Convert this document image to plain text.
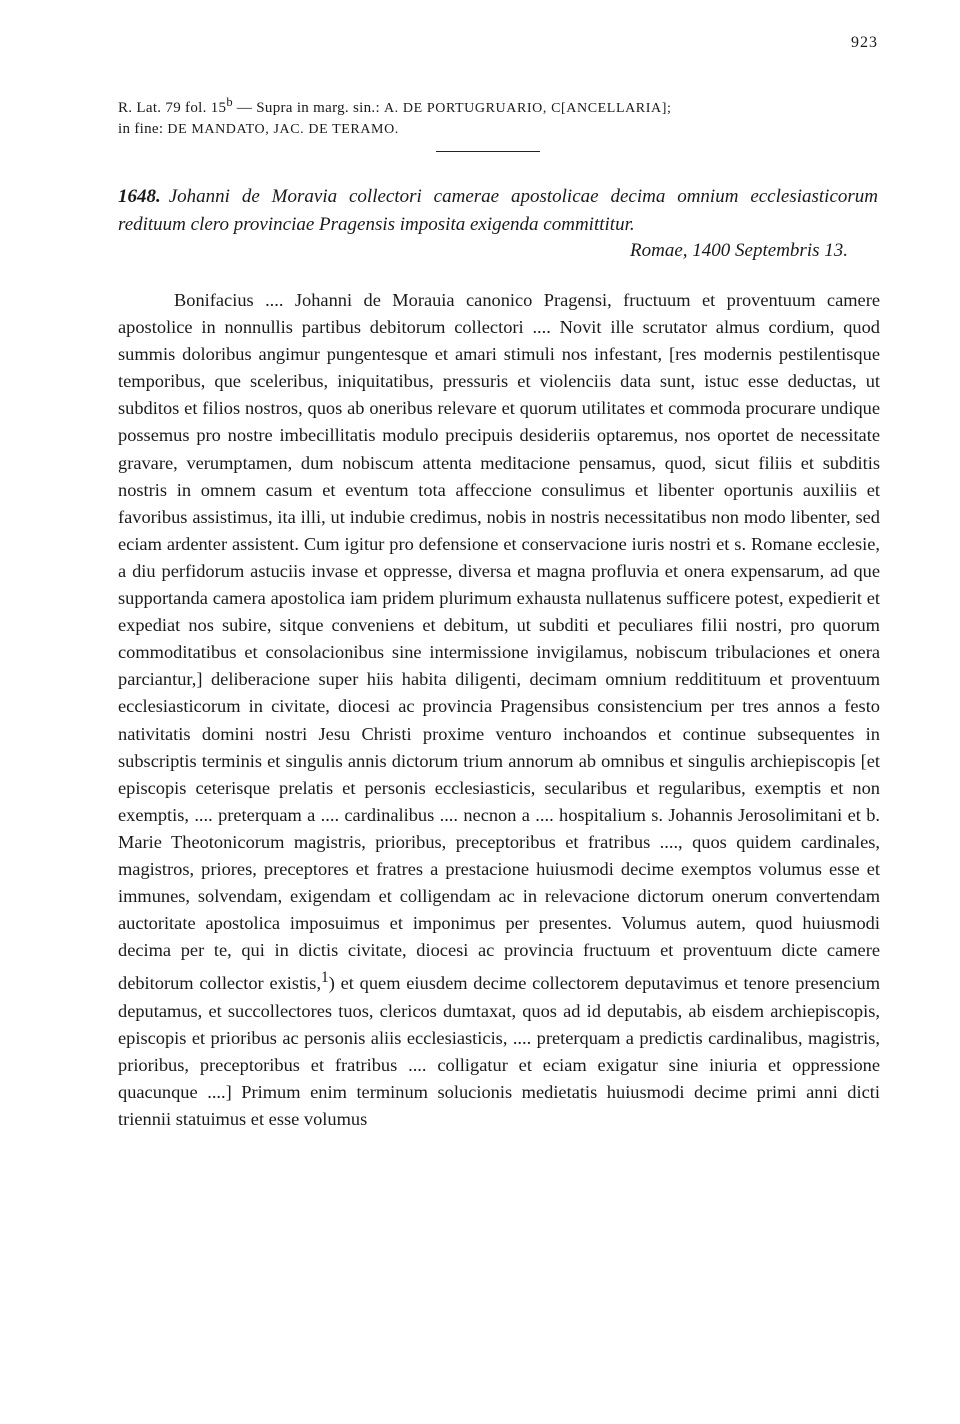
923
R. Lat. 79 fol. 15$^b$ — Supra in marg. sin.: A. DE PORTUGRUARIO, C[ANCELLARIA];
in fine: DE MANDATO, JAC. DE TERAMO.
1648. Johanni de Moravia collectori camerae apostolicae decima omnium ecclesiasticorum redituum clero provinciae Pragensis imposita exigenda committitur.
Romae, 1400 Septembris 13.

Bonifacius .... Johanni de Morauia canonico Pragensi, fructuum et proventuum camere apostolice in nonnullis partibus debitorum collectori .... Novit ille scrutator almus cordium, quod summis doloribus angimur pungentesque et amari stimuli nos infestant, [res modernis pestilentisque temporibus, que sceleribus, iniquitatibus, pressuris et violenciis data sunt, istuc esse deductas, ut subditos et filios nostros, quos ab oneribus relevare et quorum utilitates et commoda procurare undique possemus pro nostre imbecillitatis modulo precipuis desideriis optaremus, nos oportet de necessitate gravare, verumptamen, dum nobiscum attenta meditacione pensamus, quod, sicut filiis et subditis nostris in omnem casum et eventum tota affeccione consulimus et libenter oportunis auxiliis et favoribus assistimus, ita illi, ut indubie credimus, nobis in nostris necessitatibus non modo libenter, sed eciam ardenter assistent. Cum igitur pro defensione et conservacione iuris nostri et s. Romane ecclesie, a diu perfidorum astuciis invase et oppresse, diversa et magna profluvia et onera expensarum, ad que supportanda camera apostolica iam pridem plurimum exhausta nullatenus sufficere potest, expedierit et expediat nos subire, sitque conveniens et debitum, ut subditi et peculiares filii nostri, pro quorum commoditatibus et consolacionibus sine intermissione invigilamus, nobiscum tribulaciones et onera parciantur,] deliberacione super hiis habita diligenti, decimam omnium redditituum et proventuum ecclesiasticorum in civitate, diocesi ac provincia Pragensibus consistencium per tres annos a festo nativitatis domini nostri Jesu Christi proxime venturo inchoandos et continue subsequentes in subscriptis terminis et singulis annis dictorum trium annorum ab omnibus et singulis archiepiscopis [et episcopis ceterisque prelatis et personis ecclesiasticis, secularibus et regularibus, exemptis et non exemptis, .... preterquam a .... cardinalibus .... necnon a .... hospitalium s. Johannis Jerosolimitani et b. Marie Theotonicorum magistris, prioribus, preceptoribus et fratribus ...., quos quidem cardinales, magistros, priores, preceptores et fratres a prestacione huiusmodi decime exemptos volumus esse et immunes, solvendam, exigendam et colligendam ac in relevacione dictorum onerum convertendam auctoritate apostolica imposuimus et imponimus per presentes. Volumus autem, quod huiusmodi decima per te, qui in dictis civitate, diocesi ac provincia fructuum et proventuum dicte camere debitorum collector existis,$^1$) et quem eiusdem decime collectorem deputavimus et tenore presencium deputamus, et succollectores tuos, clericos dumtaxat, quos ad id deputabis, ab eisdem archiepiscopis, episcopis et prioribus ac personis aliis ecclesiasticis, .... preterquam a predictis cardinalibus, magistris, prioribus, preceptoribus et fratribus .... colligatur et eciam exigatur sine iniuria et oppressione quacunque ....] Primum enim terminum solucionis medietatis huiusmodi decime primi anni dicti triennii statuimus et esse volumus
